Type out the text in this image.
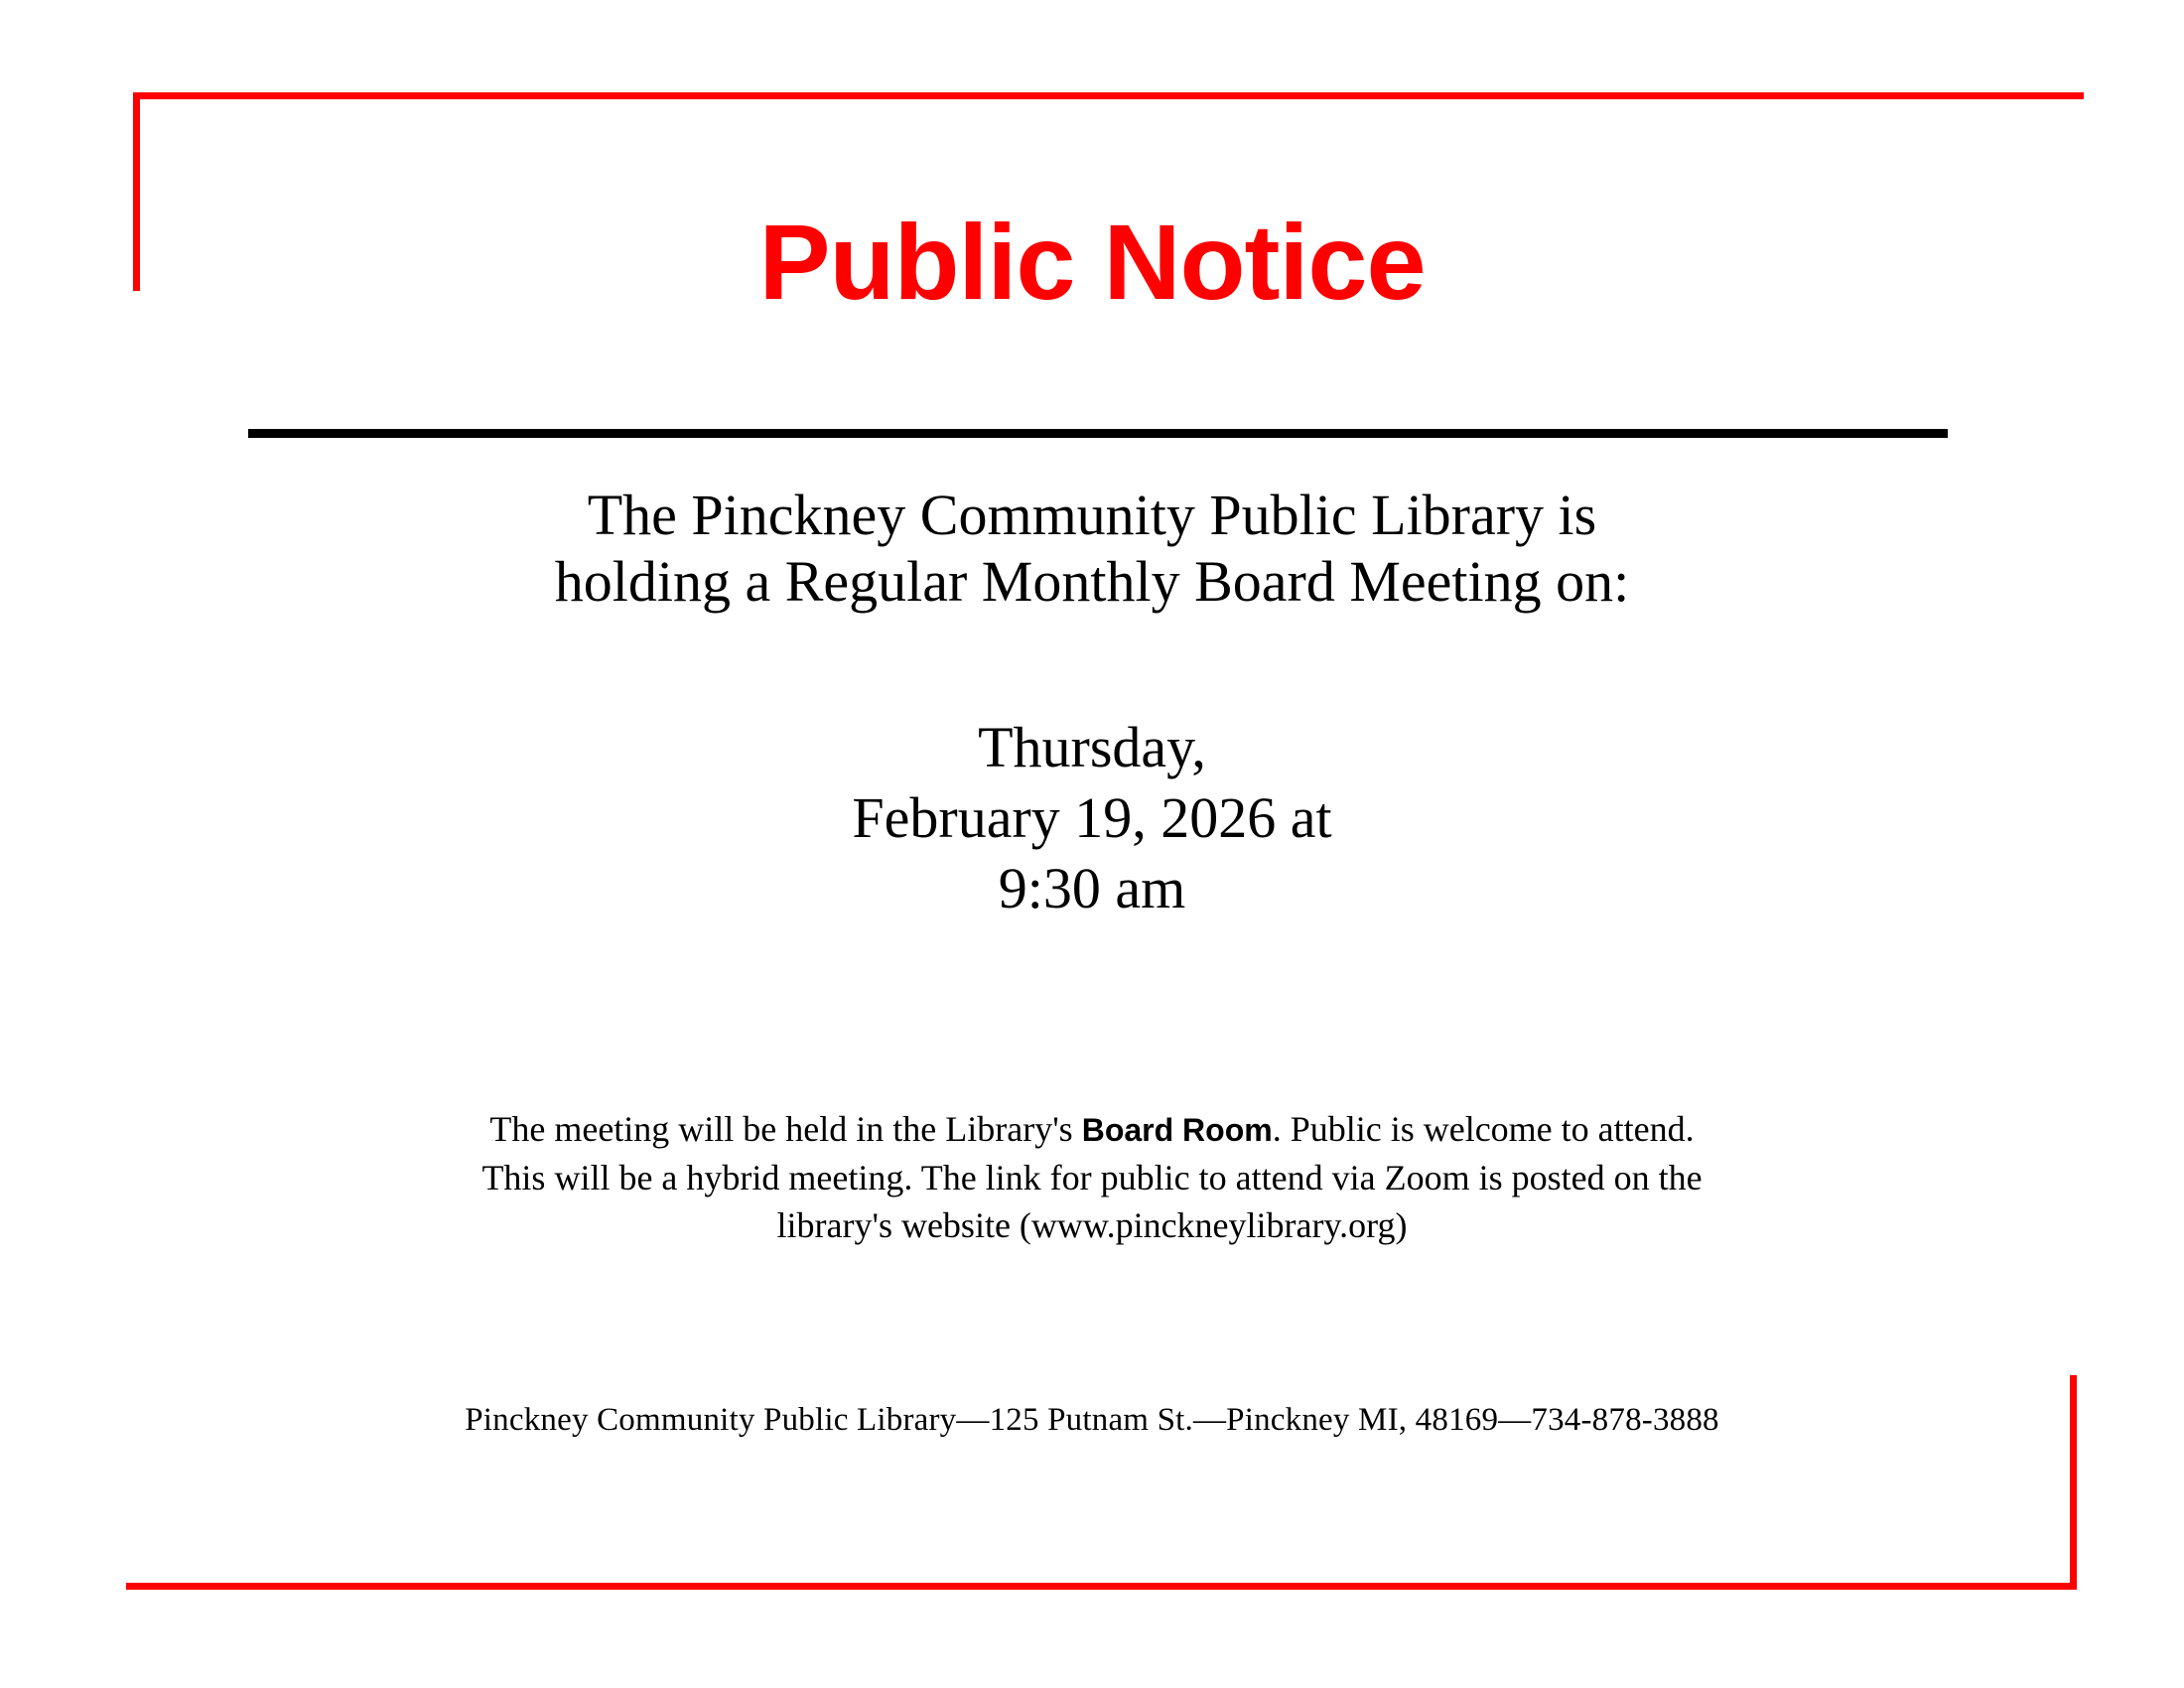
Public Notice
The Pinckney Community Public Library is
holding a Regular Monthly Board Meeting on:
Thursday,
February 19, 2026 at
9:30 am
The meeting will be held in the Library's Board Room. Public is welcome to attend.
This will be a hybrid meeting. The link for public to attend via Zoom is posted on the
library's website (www.pinckneylibrary.org)
Pinckney Community Public Library—125 Putnam St.—Pinckney MI, 48169—734-878-3888
